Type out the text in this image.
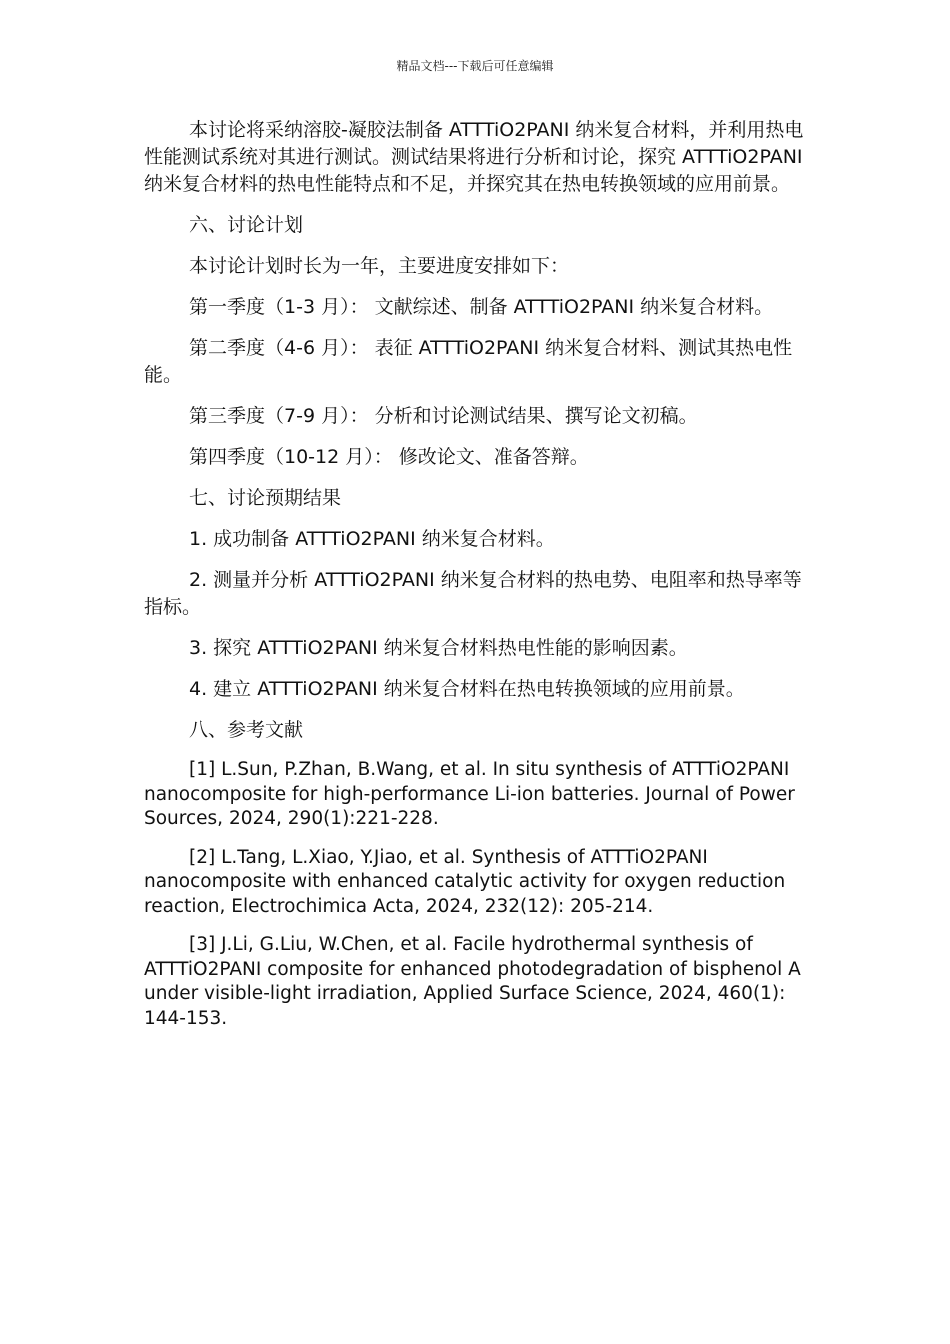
精品文档---下载后可任意编辑

本讨论将采纳溶胶-凝胶法制备 ATTTiO2PANI 纳米复合材料，并利用热电性能测试系统对其进行测试。测试结果将进行分析和讨论，探究 ATTTiO2PANI 纳米复合材料的热电性能特点和不足，并探究其在热电转换领域的应用前景。

六、讨论计划

本讨论计划时长为一年，主要进度安排如下：

第一季度（1-3 月）： 文献综述、制备 ATTTiO2PANI 纳米复合材料。

第二季度（4-6 月）： 表征 ATTTiO2PANI 纳米复合材料、测试其热电性能。

第三季度（7-9 月）： 分析和讨论测试结果、撰写论文初稿。

第四季度（10-12 月）： 修改论文、准备答辩。

七、讨论预期结果

1. 成功制备 ATTTiO2PANI 纳米复合材料。

2. 测量并分析 ATTTiO2PANI 纳米复合材料的热电势、电阻率和热导率等指标。

3. 探究 ATTTiO2PANI 纳米复合材料热电性能的影响因素。

4. 建立 ATTTiO2PANI 纳米复合材料在热电转换领域的应用前景。

八、参考文献

[1] L.Sun, P.Zhan, B.Wang, et al. In situ synthesis of ATTTiO2PANI nanocomposite for high-performance Li-ion batteries. Journal of Power Sources, 2024, 290(1):221-228.

[2] L.Tang, L.Xiao, Y.Jiao, et al. Synthesis of ATTTiO2PANI nanocomposite with enhanced catalytic activity for oxygen reduction reaction, Electrochimica Acta, 2024, 232(12): 205-214.

[3] J.Li, G.Liu, W.Chen, et al. Facile hydrothermal synthesis of ATTTiO2PANI composite for enhanced photodegradation of bisphenol A under visible-light irradiation, Applied Surface Science, 2024, 460(1): 144-153.
